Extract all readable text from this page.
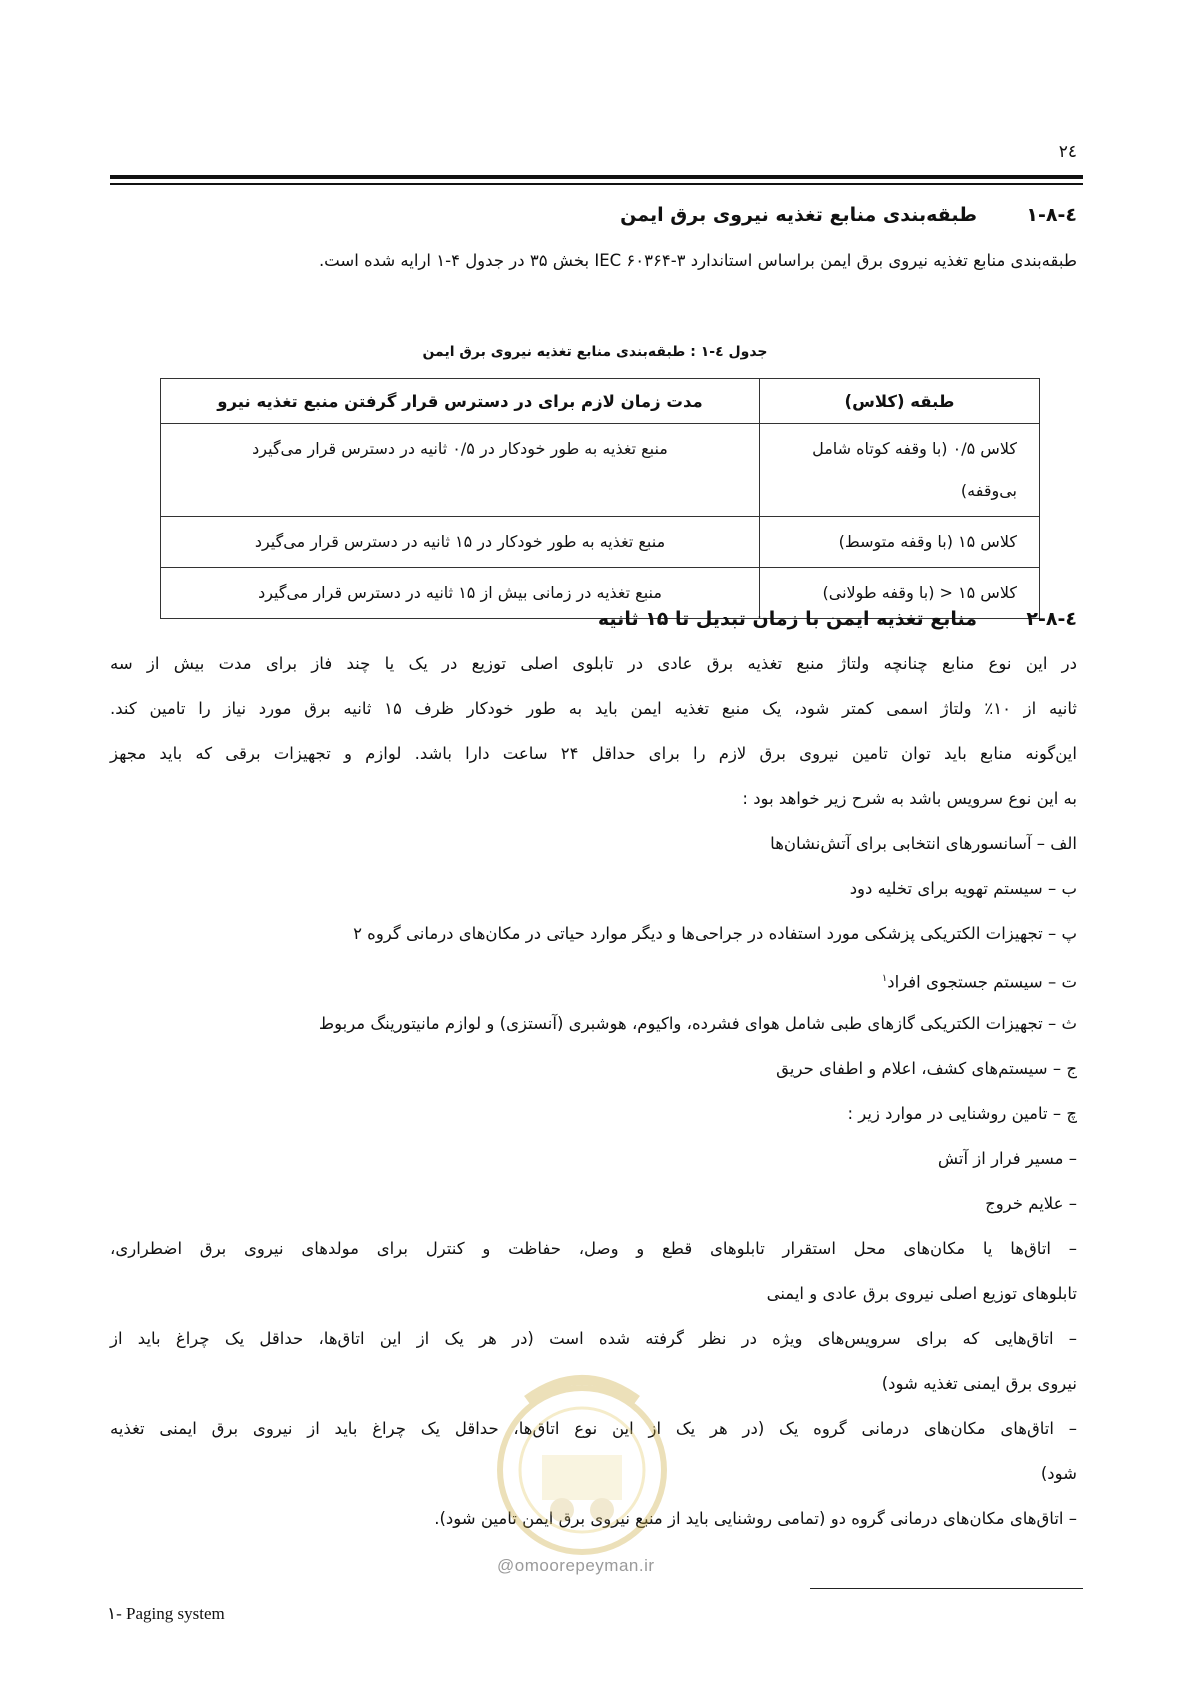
٢٤
٤-٨-١طبقه‌بندی منابع تغذیه نیروی برق ایمن
طبقه‌بندی منابع تغذیه نیروی برق ایمن براساس استاندارد IEC ۶۰۳۶۴-۳ بخش ۳۵ در جدول ۴-۱ ارایه شده است.
جدول ٤-١ : طبقه‌بندی منابع تغذیه نیروی برق ایمن
طبقه (کلاس)	مدت زمان لازم برای در دسترس قرار گرفتن منبع تغذیه نیرو
کلاس ۰/۵ (با وقفه کوتاه شامل بی‌وقفه)	منبع تغذیه به طور خودکار در ۰/۵ ثانیه در دسترس قرار می‌گیرد
کلاس ۱۵ (با وقفه متوسط)	منبع تغذیه به طور خودکار در ۱۵ ثانیه در دسترس قرار می‌گیرد
کلاس ۱۵ < (با وقفه طولانی)	منبع تغذیه در زمانی بیش از ۱۵ ثانیه در دسترس قرار می‌گیرد
٤-٨-٢منابع تغذیه ایمن با زمان تبدیل تا ۱۵ ثانیه
در این نوع منابع چنانچه ولتاژ منبع تغذیه برق عادی در تابلوی اصلی توزیع در یک یا چند فاز برای مدت بیش از سه
ثانیه از ۱۰٪ ولتاژ اسمی کمتر شود، یک منبع تغذیه ایمن باید به طور خودکار ظرف ۱۵ ثانیه برق مورد نیاز را تامین کند.
این‌گونه منابع باید توان تامین نیروی برق لازم را برای حداقل ۲۴ ساعت دارا باشد. لوازم و تجهیزات برقی که باید مجهز
به این نوع سرویس باشد به شرح زیر خواهد بود :
الف – آسانسورهای انتخابی برای آتش‌نشان‌ها
ب – سیستم تهویه برای تخلیه دود
پ – تجهیزات الکتریکی پزشکی مورد استفاده در جراحی‌ها و دیگر موارد حیاتی در مکان‌های درمانی گروه ۲
ت – سیستم جستجوی افراد$^۱$
ث – تجهیزات الکتریکی گازهای طبی شامل هوای فشرده، واکیوم، هوشبری (آنستزی) و لوازم مانیتورینگ مربوط
ج – سیستم‌های کشف، اعلام و اطفای حریق
چ – تامین روشنایی در موارد زیر :
– مسیر فرار از آتش
– علایم خروج
– اتاق‌ها یا مکان‌های محل استقرار تابلوهای قطع و وصل، حفاظت و کنترل برای مولدهای نیروی برق اضطراری،
تابلوهای توزیع اصلی نیروی برق عادی و ایمنی
– اتاق‌هایی که برای سرویس‌های ویژه در نظر گرفته شده است (در هر یک از این اتاق‌ها، حداقل یک چراغ باید از
نیروی برق ایمنی تغذیه شود)
– اتاق‌های مکان‌های درمانی گروه یک (در هر یک از این نوع اتاق‌ها، حداقل یک چراغ باید از نیروی برق ایمنی تغذیه
شود)
– اتاق‌های مکان‌های درمانی گروه دو (تمامی روشنایی باید از منبع نیروی برق ایمن تامین شود).
@omoorepeyman.ir
۱- Paging system
